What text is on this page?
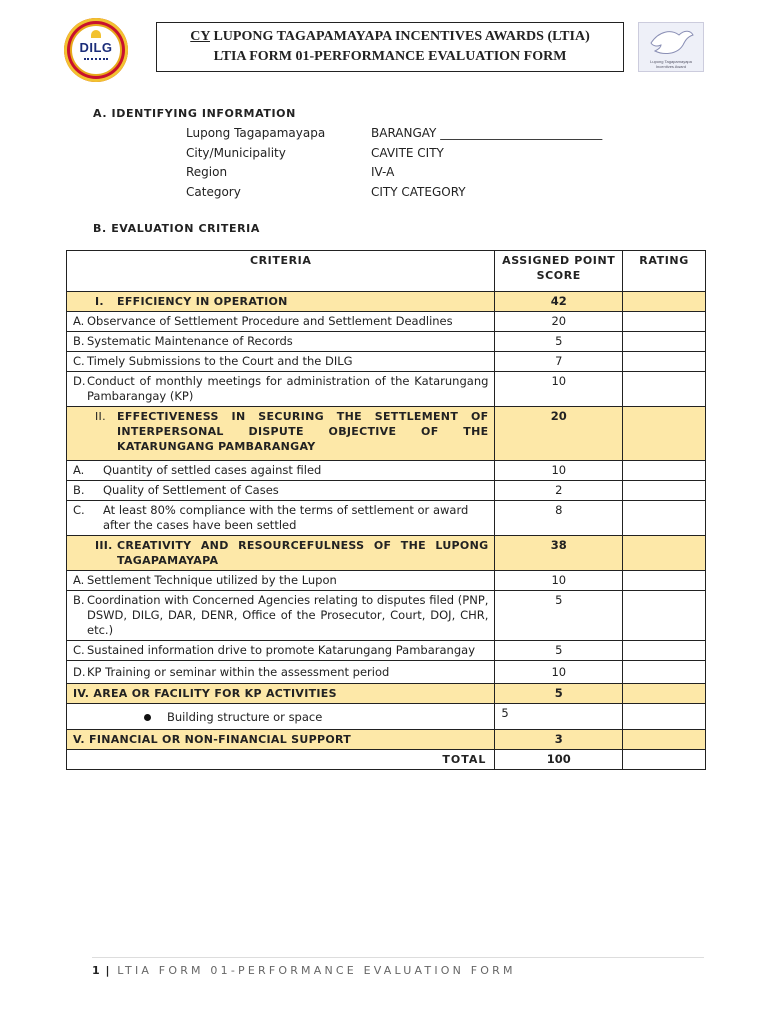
DILG
CY LUPONG TAGAPAMAYAPA INCENTIVES AWARDS (LTIA)
LTIA FORM 01-PERFORMANCE EVALUATION FORM	Lupong Tagapamayapa Incentives Award
A. IDENTIFYING INFORMATION
Lupong Tagapamayapa	BARANGAY ___________________________
City/Municipality	CAVITE CITY
Region	IV-A
Category	CITY CATEGORY
B. EVALUATION CRITERIA
CRITERIA	ASSIGNED POINT SCORE	RATING

I. EFFICIENCY IN OPERATION	42	

A. Observance of Settlement Procedure and Settlement Deadlines	20	

B. Systematic Maintenance of Records	5	

C. Timely Submissions to the Court and the DILG	7	

D. Conduct of monthly meetings for administration of the Katarungang Pambarangay (KP)	10	

II. EFFECTIVENESS IN SECURING THE SETTLEMENT OF INTERPERSONAL DISPUTE OBJECTIVE OF THE KATARUNGANG PAMBARANGAY	20	

A. Quantity of settled cases against filed	10	

B. Quality of Settlement of Cases	2	

C. At least 80% compliance with the terms of settlement or award after the cases have been settled	8	

III. CREATIVITY AND RESOURCEFULNESS OF THE LUPONG TAGAPAMAYAPA	38	

A. Settlement Technique utilized by the Lupon	10	

B. Coordination with Concerned Agencies relating to disputes filed (PNP, DSWD, DILG, DAR, DENR, Office of the Prosecutor, Court, DOJ, CHR, etc.)	5	

C. Sustained information drive to promote Katarungang Pambarangay	5	

D. KP Training or seminar within the assessment period	10	
IV. AREA OR FACILITY FOR KP ACTIVITIES	5	
Building structure or space	5	
V. FINANCIAL OR NON-FINANCIAL SUPPORT	3	
TOTAL	100	
1 | LTIA FORM 01-PERFORMANCE EVALUATION FORM
